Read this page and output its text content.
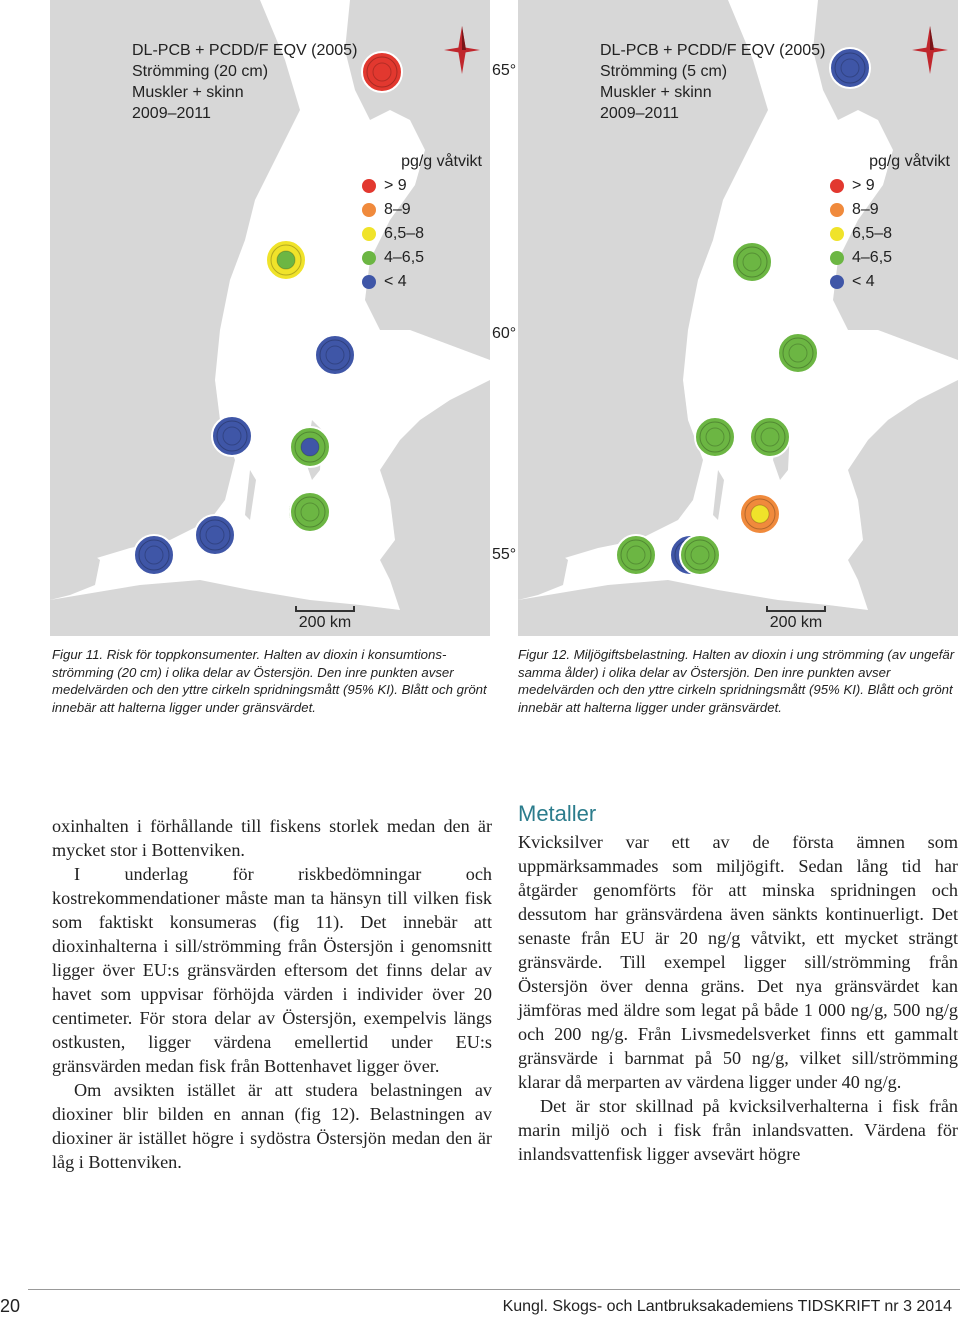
DL-PCB + PCDD/F EQV (2005)
Strömming (20 cm)
Muskler + skinn
2009–2011
pg/g våtvikt
> 9
8–9
6,5–8
4–6,5
< 4
200 km
65°
60°
55°
DL-PCB + PCDD/F EQV (2005)
Strömming (5 cm)
Muskler + skinn
2009–2011
pg/g våtvikt
> 9
8–9
6,5–8
4–6,5
< 4
200 km
Figur 11. Risk för toppkonsumenter. Halten av dioxin i konsumtions-strömming (20 cm) i olika delar av Östersjön. Den inre punkten avser medelvärden och den yttre cirkeln spridningsmått (95% KI). Blått och grönt innebär att halterna ligger under gränsvärdet.
Figur 12. Miljögiftsbelastning. Halten av dioxin i ung strömming (av ungefär samma ålder) i olika delar av Östersjön. Den inre punkten avser medelvärden och den yttre cirkeln spridningsmått (95% KI). Blått och grönt innebär att halterna ligger under gränsvärdet.

oxinhalten i förhållande till fiskens storlek medan den är mycket stor i Bottenviken.

I underlag för riskbedömningar och kostrekommendationer måste man ta hänsyn till vilken fisk som faktiskt konsumeras (fig 11). Det innebär att dioxinhalterna i sill/strömming från Östersjön i genomsnitt ligger över EU:s gränsvärden eftersom det finns delar av havet som uppvisar förhöjda värden i individer över 20 centimeter. För stora delar av Östersjön, exempelvis längs ostkusten, ligger värdena emellertid under EU:s gränsvärden medan fisk från Bottenhavet ligger över.

Om avsikten istället är att studera belastningen av dioxiner blir bilden en annan (fig 12). Belastningen av dioxiner är istället högre i sydöstra Östersjön medan den är låg i Bottenviken.

Metaller

Kvicksilver var ett av de första ämnen som uppmärksammades som miljögift. Sedan lång tid har åtgärder genomförts för att minska spridningen och dessutom har gränsvärdena även sänkts kontinuerligt. Det senaste från EU är 20 ng/g våtvikt, ett mycket strängt gränsvärde. Till exempel ligger sill/strömming från Östersjön över denna gräns. Det nya gränsvärdet kan jämföras med äldre som legat på både 1 000 ng/g, 500 ng/g och 200 ng/g. Från Livsmedelsverket finns ett gammalt gränsvärde i barnmat på 50 ng/g, vilket sill/strömming klarar då merparten av värdena ligger under 40 ng/g.

Det är stor skillnad på kvicksilverhalterna i fisk från marin miljö och i fisk från inlandsvatten. Värdena för inlandsvattenfisk ligger avsevärt högre

20	Kungl. Skogs- och Lantbruksakademiens TIDSKRIFT nr 3 2014
